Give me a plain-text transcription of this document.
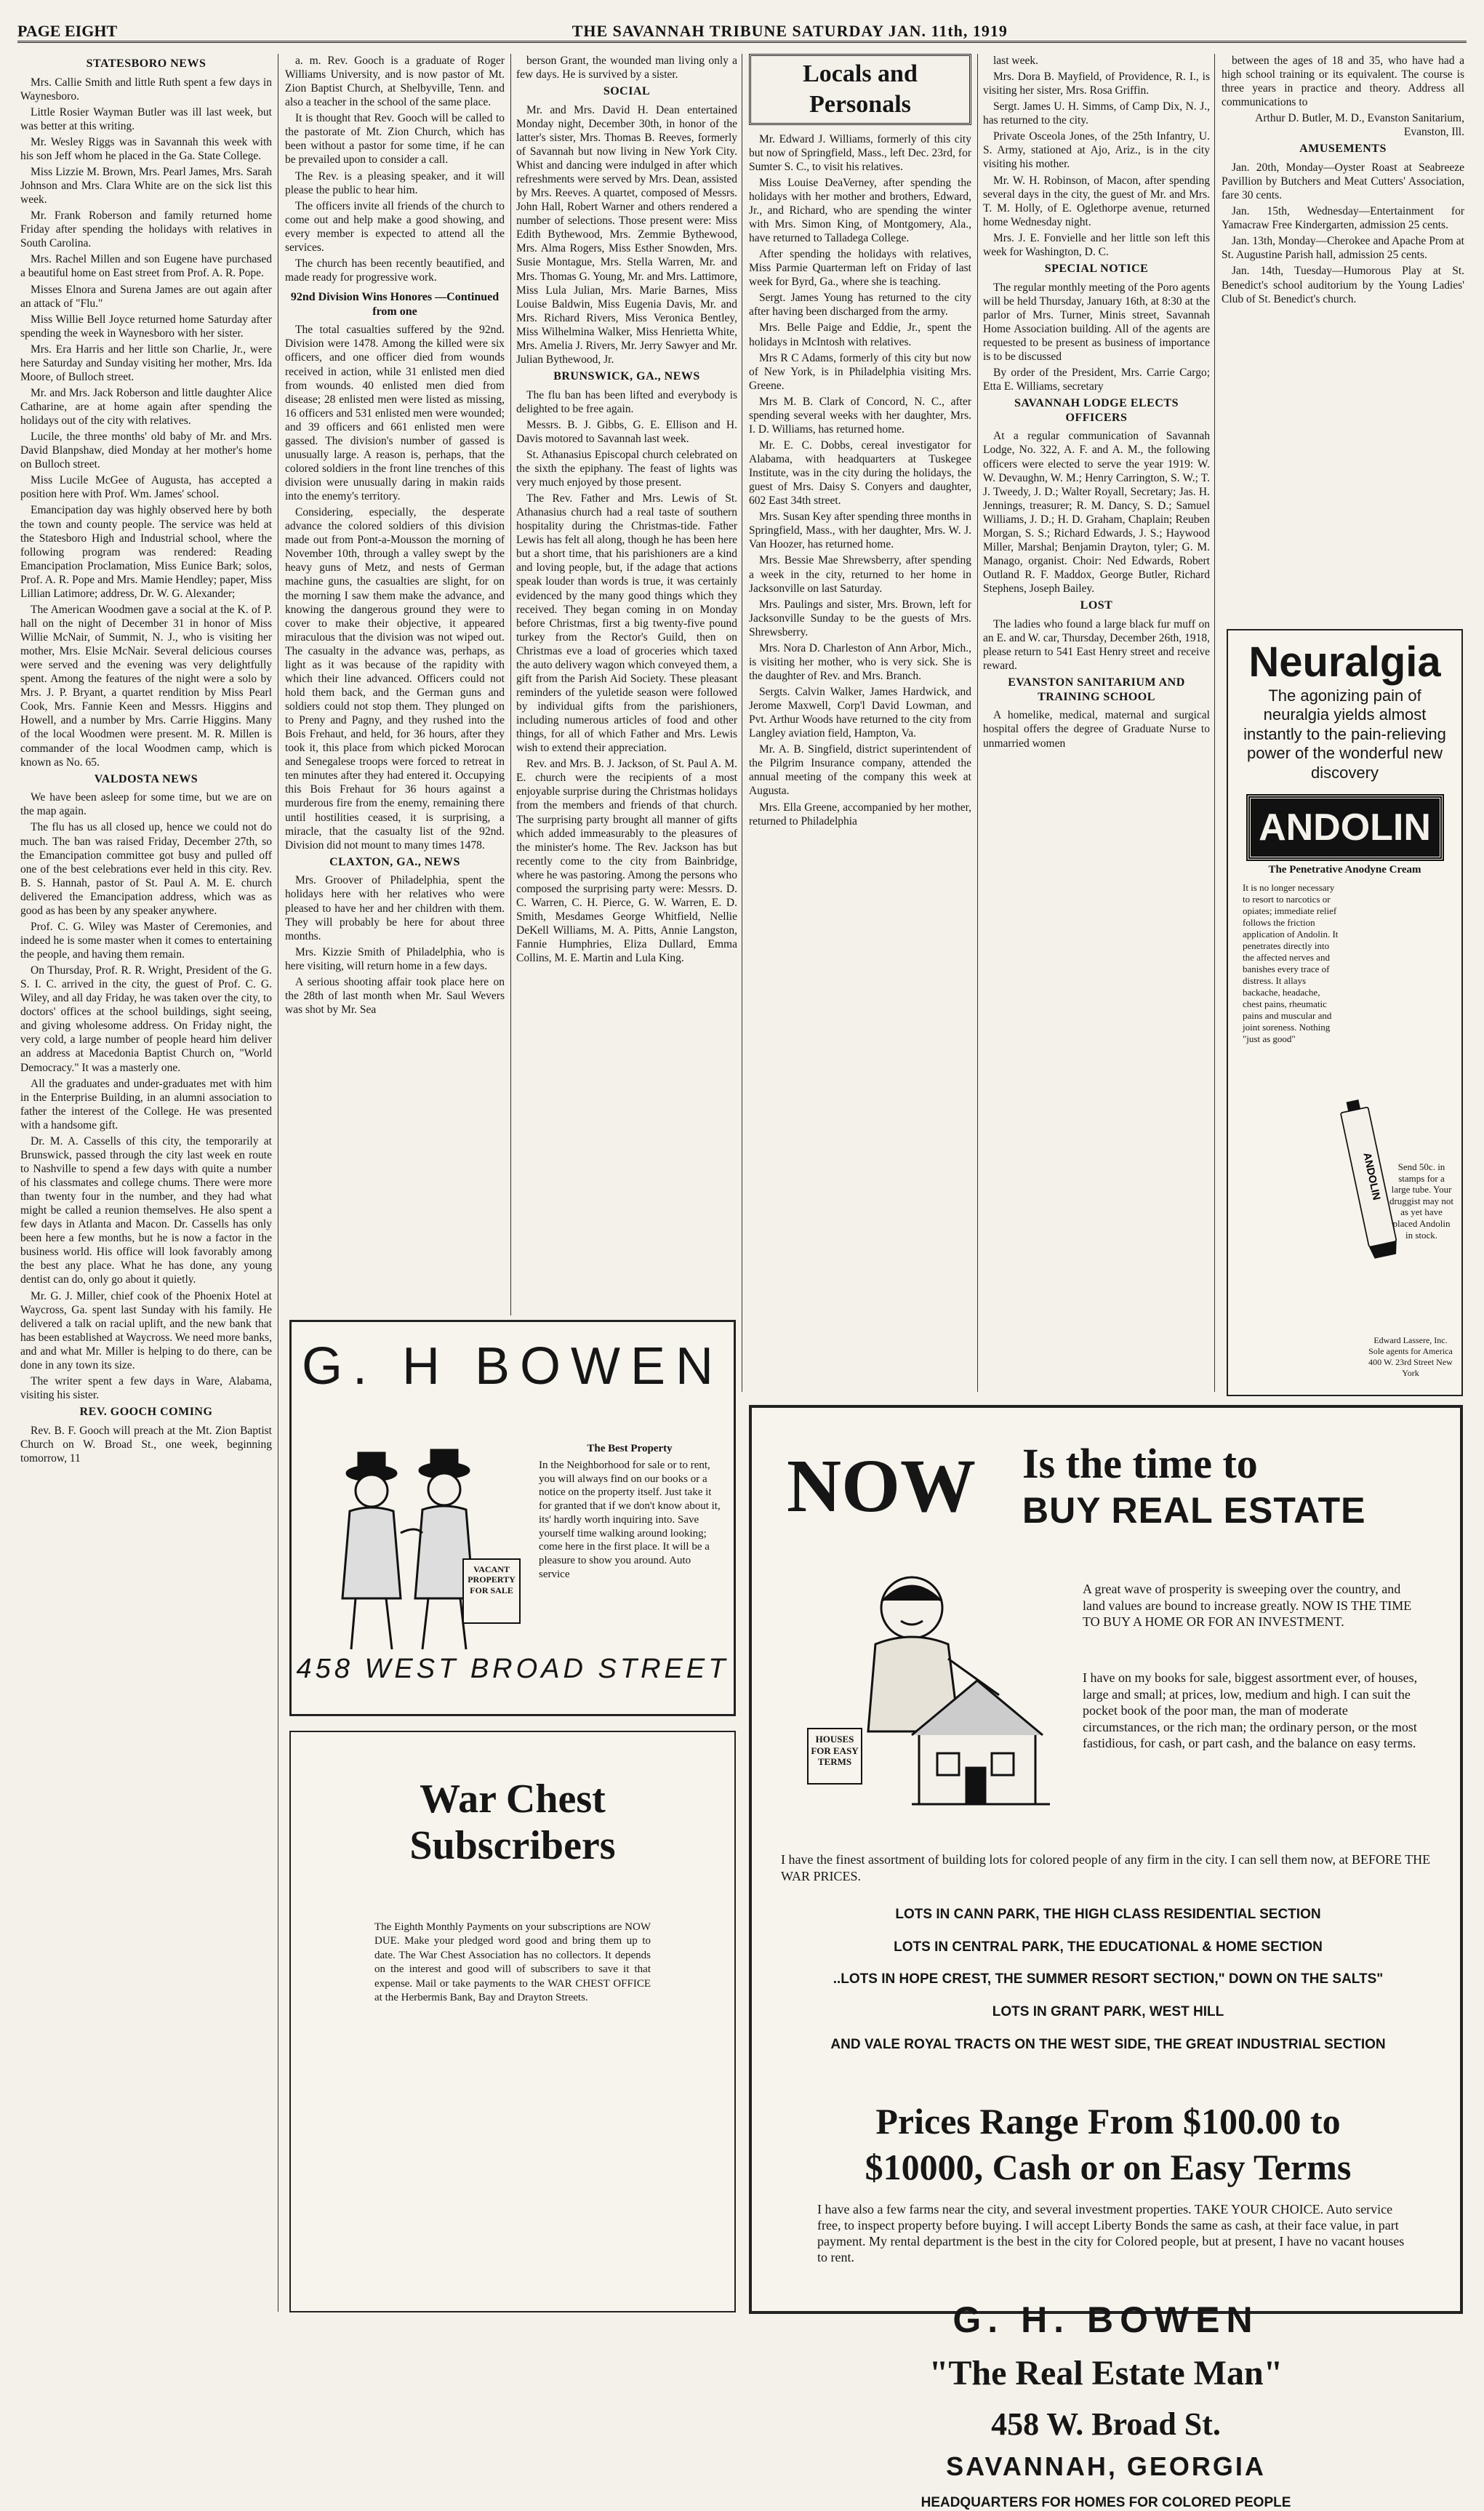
PAGE EIGHT	THE SAVANNAH TRIBUNE SATURDAY JAN. 11th, 1919

STATESBORO NEWS

Mrs. Callie Smith and little Ruth spent a few days in Waynesboro.

Little Rosier Wayman Butler was ill last week, but was better at this writing.

Mr. Wesley Riggs was in Savannah this week with his son Jeff whom he placed in the Ga. State College.

Miss Lizzie M. Brown, Mrs. Pearl James, Mrs. Sarah Johnson and Mrs. Clara White are on the sick list this week.

Mr. Frank Roberson and family returned home Friday after spending the holidays with relatives in South Carolina.

Mrs. Rachel Millen and son Eugene have purchased a beautiful home on East street from Prof. A. R. Pope.

Misses Elnora and Surena James are out again after an attack of "Flu."

Miss Willie Bell Joyce returned home Saturday after spending the week in Waynesboro with her sister.

Mrs. Era Harris and her little son Charlie, Jr., were here Saturday and Sunday visiting her mother, Mrs. Ida Moore, of Bulloch street.

Mr. and Mrs. Jack Roberson and little daughter Alice Catharine, are at home again after spending the holidays out of the city with relatives.

Lucile, the three months' old baby of Mr. and Mrs. David Blanpshaw, died Monday at her mother's home on Bulloch street.

Miss Lucile McGee of Augusta, has accepted a position here with Prof. Wm. James' school.

Emancipation day was highly observed here by both the town and county people. The service was held at the Statesboro High and Industrial school, where the following program was rendered: Reading Emancipation Proclamation, Miss Eunice Bark; solos, Prof. A. R. Pope and Mrs. Mamie Hendley; paper, Miss Lillian Latimore; address, Dr. W. G. Alexander;

The American Woodmen gave a social at the K. of P. hall on the night of December 31 in honor of Miss Willie McNair, of Summit, N. J., who is visiting her mother, Mrs. Elsie McNair. Several delicious courses were served and the evening was very delightfully spent. Among the features of the night were a solo by Mrs. J. P. Bryant, a quartet rendition by Miss Pearl Cook, Mrs. Fannie Keen and Messrs. Higgins and Howell, and a number by Mrs. Carrie Higgins. Many of the local Woodmen were present. M. R. Millen is commander of the local Woodmen camp, which is known as No. 65.

VALDOSTA NEWS

We have been asleep for some time, but we are on the map again.

The flu has us all closed up, hence we could not do much. The ban was raised Friday, December 27th, so the Emancipation committee got busy and pulled off one of the best celebrations ever held in this city. Rev. B. S. Hannah, pastor of St. Paul A. M. E. church delivered the Emancipation address, which was as good as has been by any speaker anywhere.

Prof. C. G. Wiley was Master of Ceremonies, and indeed he is some master when it comes to entertaining the people, and having them remain.

On Thursday, Prof. R. R. Wright, President of the G. S. I. C. arrived in the city, the guest of Prof. C. G. Wiley, and all day Friday, he was taken over the city, to doctors' offices at the school buildings, sight seeing, and giving wholesome address. On Friday night, the very cold, a large number of people heard him deliver an address at Macedonia Baptist Church on, "World Democracy." It was a masterly one.

All the graduates and under-graduates met with him in the Enterprise Building, in an alumni association to father the interest of the College. He was presented with a handsome gift.

Dr. M. A. Cassells of this city, the temporarily at Brunswick, passed through the city last week en route to Nashville to spend a few days with quite a number of his classmates and college chums. There were more than twenty four in the number, and they had what might be called a reunion themselves. He also spent a few days in Atlanta and Macon. Dr. Cassells has only been here a few months, but he is now a factor in the business world. His office will look favorably among the best any place. What he has done, any young dentist can do, only go about it quietly.

Mr. G. J. Miller, chief cook of the Phoenix Hotel at Waycross, Ga. spent last Sunday with his family. He delivered a talk on racial uplift, and the new bank that has been established at Waycross. We need more banks, and and what Mr. Miller is helping to do there, can be done in any town its size.

The writer spent a few days in Ware, Alabama, visiting his sister.

REV. GOOCH COMING

Rev. B. F. Gooch will preach at the Mt. Zion Baptist Church on W. Broad St., one week, beginning tomorrow, 11

a. m. Rev. Gooch is a graduate of Roger Williams University, and is now pastor of Mt. Zion Baptist Church, at Shelbyville, Tenn. and also a teacher in the school of the same place.

It is thought that Rev. Gooch will be called to the pastorate of Mt. Zion Church, which has been without a pastor for some time, if he can be prevailed upon to consider a call.

The Rev. is a pleasing speaker, and it will please the public to hear him.

The officers invite all friends of the church to come out and help make a good showing, and every member is expected to attend all the services.

The church has been recently beautified, and made ready for progressive work.

92nd Division Wins Honores —Continued from one

The total casualties suffered by the 92nd. Division were 1478. Among the killed were six officers, and one officer died from wounds received in action, while 31 enlisted men died from wounds. 40 enlisted men died from disease; 28 enlisted men were listed as missing, 16 officers and 531 enlisted men were wounded; and 39 officers and 661 enlisted men were gassed. The division's number of gassed is unusually large. A reason is, perhaps, that the colored soldiers in the front line trenches of this division were unusually daring in makin raids into the enemy's territory.

Considering, especially, the desperate advance the colored soldiers of this division made out from Pont-a-Mousson the morning of November 10th, through a valley swept by the heavy guns of Metz, and nests of German machine guns, the casualties are slight, for on the morning I saw them make the advance, and knowing the dangerous ground they were to cover to make their objective, it appeared miraculous that the division was not wiped out. The casualty in the advance was, perhaps, as light as it was because of the rapidity with which their line advanced. Officers could not hold them back, and the German guns and soldiers could not stop them. They plunged on to Preny and Pagny, and they rushed into the Bois Frehaut, and held, for 36 hours, after they took it, this place from which picked Morocan and Senegalese troops were forced to retreat in ten minutes after they had entered it. Occupying this Bois Frehaut for 36 hours against a murderous fire from the enemy, remaining there until hostilities ceased, it is surprising, a miracle, that the casualty list of the 92nd. Division did not mount to many times 1478.

CLAXTON, GA., NEWS

Mrs. Groover of Philadelphia, spent the holidays here with her relatives who were pleased to have her and her children with them. They will probably be here for about three months.

Mrs. Kizzie Smith of Philadelphia, who is here visiting, will return home in a few days.

A serious shooting affair took place here on the 28th of last month when Mr. Saul Wevers was shot by Mr. Sea

berson Grant, the wounded man living only a few days. He is survived by a sister.

SOCIAL

Mr. and Mrs. David H. Dean entertained Monday night, December 30th, in honor of the latter's sister, Mrs. Thomas B. Reeves, formerly of Savannah but now living in New York City. Whist and dancing were indulged in after which refreshments were served by Mrs. Dean, assisted by Mrs. Reeves. A quartet, composed of Messrs. John Hall, Robert Warner and others rendered a number of selections. Those present were: Miss Edith Bythewood, Mrs. Zemmie Bythewood, Mrs. Alma Rogers, Miss Esther Snowden, Mrs. Susie Montague, Mrs. Stella Warren, Mr. and Mrs. Thomas G. Young, Mr. and Mrs. Lattimore, Miss Lula Julian, Mrs. Marie Barnes, Miss Louise Baldwin, Miss Eugenia Davis, Mr. and Mrs. Richard Rivers, Miss Veronica Bentley, Miss Wilhelmina Walker, Miss Henrietta White, Mrs. Amelia J. Rivers, Mr. Jerry Sawyer and Mr. Julian Bythewood, Jr.

BRUNSWICK, GA., NEWS

The flu ban has been lifted and everybody is delighted to be free again.

Messrs. B. J. Gibbs, G. E. Ellison and H. Davis motored to Savannah last week.

St. Athanasius Episcopal church celebrated on the sixth the epiphany. The feast of lights was very much enjoyed by those present.

The Rev. Father and Mrs. Lewis of St. Athanasius church had a real taste of southern hospitality during the Christmas-tide. Father Lewis has felt all along, though he has been here but a short time, that his parishioners are a kind and loving people, but, if the adage that actions speak louder than words is true, it was certainly evidenced by the many good things which they received. They began coming in on Monday before Christmas, first a big twenty-five pound turkey from the Rector's Guild, then on Christmas eve a load of groceries which taxed the auto delivery wagon which conveyed them, a gift from the Parish Aid Society. These pleasant reminders of the yuletide season were followed by individual gifts from the parishioners, including numerous articles of food and other things, for all of which Father and Mrs. Lewis wish to extend their appreciation.

Rev. and Mrs. B. J. Jackson, of St. Paul A. M. E. church were the recipients of a most enjoyable surprise during the Christmas holidays from the members and friends of that church. The surprising party brought all manner of gifts which added immeasurably to the pleasures of the minister's home. The Rev. Jackson has but recently come to the city from Bainbridge, where he was pastoring. Among the persons who composed the surprising party were: Messrs. D. C. Warren, C. H. Pierce, G. W. Warren, E. D. Smith, Mesdames George Whitfield, Nellie DeKell Williams, M. A. Pitts, Annie Langston, Fannie Humphries, Eliza Dullard, Emma Collins, M. E. Martin and Lula King.

Locals and Personals

Mr. Edward J. Williams, formerly of this city but now of Springfield, Mass., left Dec. 23rd, for Sumter S. C., to visit his relatives.

Miss Louise DeaVerney, after spending the holidays with her mother and brothers, Edward, Jr., and Richard, who are spending the winter with Mrs. Simon King, of Montgomery, Ala., have returned to Talladega College.

After spending the holidays with relatives, Miss Parmie Quarterman left on Friday of last week for Byrd, Ga., where she is teaching.

Sergt. James Young has returned to the city after having been discharged from the army.

Mrs. Belle Paige and Eddie, Jr., spent the holidays in McIntosh with relatives.

Mrs R C Adams, formerly of this city but now of New York, is in Philadelphia visiting Mrs. Greene.

Mrs M. B. Clark of Concord, N. C., after spending several weeks with her daughter, Mrs. I. D. Williams, has returned home.

Mr. E. C. Dobbs, cereal investigator for Alabama, with headquarters at Tuskegee Institute, was in the city during the holidays, the guest of Mrs. Daisy S. Conyers and daughter, 602 East 34th street.

Mrs. Susan Key after spending three months in Springfield, Mass., with her daughter, Mrs. W. J. Van Hoozer, has returned home.

Mrs. Bessie Mae Shrewsberry, after spending a week in the city, returned to her home in Jacksonville on last Saturday.

Mrs. Paulings and sister, Mrs. Brown, left for Jacksonville Sunday to be the guests of Mrs. Shrewsberry.

Mrs. Nora D. Charleston of Ann Arbor, Mich., is visiting her mother, who is very sick. She is the daughter of Rev. and Mrs. Branch.

Sergts. Calvin Walker, James Hardwick, and Jerome Maxwell, Corp'l David Lowman, and Pvt. Arthur Woods have returned to the city from Langley aviation field, Hampton, Va.

Mr. A. B. Singfield, district superintendent of the Pilgrim Insurance company, attended the annual meeting of the company this week at Augusta.

Mrs. Ella Greene, accompanied by her mother, returned to Philadelphia

last week.

Mrs. Dora B. Mayfield, of Providence, R. I., is visiting her sister, Mrs. Rosa Griffin.

Sergt. James U. H. Simms, of Camp Dix, N. J., has returned to the city.

Private Osceola Jones, of the 25th Infantry, U. S. Army, stationed at Ajo, Ariz., is in the city visiting his mother.

Mr. W. H. Robinson, of Macon, after spending several days in the city, the guest of Mr. and Mrs. T. M. Holly, of E. Oglethorpe avenue, returned home Wednesday night.

Mrs. J. E. Fonvielle and her little son left this week for Washington, D. C.

SPECIAL NOTICE

The regular monthly meeting of the Poro agents will be held Thursday, January 16th, at 8:30 at the parlor of Mrs. Turner, Minis street, Savannah Home Association building. All of the agents are requested to be present as business of importance is to be discussed

By order of the President, Mrs. Carrie Cargo; Etta E. Williams, secretary

SAVANNAH LODGE ELECTS OFFICERS

At a regular communication of Savannah Lodge, No. 322, A. F. and A. M., the following officers were elected to serve the year 1919: W. W. Devaughn, W. M.; Henry Carrington, S. W.; T. J. Tweedy, J. D.; Walter Royall, Secretary; Jas. H. Jennings, treasurer; R. M. Dancy, S. D.; Samuel Williams, J. D.; H. D. Graham, Chaplain; Reuben Morgan, S. S.; Richard Edwards, J. S.; Haywood Miller, Marshal; Benjamin Drayton, tyler; G. M. Manago, organist. Choir: Ned Edwards, Robert Outland R. F. Maddox, George Butler, Richard Stephens, Joseph Bailey.

LOST

The ladies who found a large black fur muff on an E. and W. car, Thursday, December 26th, 1918, please return to 541 East Henry street and receive reward.

EVANSTON SANITARIUM AND TRAINING SCHOOL

A homelike, medical, maternal and surgical hospital offers the degree of Graduate Nurse to unmarried women

between the ages of 18 and 35, who have had a high school training or its equivalent. The course is three years in practice and theory. Address all communications to

Arthur D. Butler, M. D., Evanston Sanitarium, Evanston, Ill.

AMUSEMENTS

Jan. 20th, Monday—Oyster Roast at Seabreeze Pavillion by Butchers and Meat Cutters' Association, fare 30 cents.

Jan. 15th, Wednesday—Entertainment for Yamacraw Free Kindergarten, admission 25 cents.

Jan. 13th, Monday—Cherokee and Apache Prom at St. Augustine Parish hall, admission 25 cents.

Jan. 14th, Tuesday—Humorous Play at St. Benedict's school auditorium by the Young Ladies' Club of St. Benedict's church.

Neuralgia
The agonizing pain of neuralgia yields almost instantly to the pain-relieving power of the wonderful new discovery
ANDOLIN
The Penetrative Anodyne Cream
It is no longer necessary to resort to narcotics or opiates; immediate relief follows the friction application of Andolin. It penetrates directly into the affected nerves and banishes every trace of distress. It allays backache, headache, chest pains, rheumatic pains and muscular and joint soreness. Nothing "just as good"
ANDOLIN	Send 50c. in stamps for a large tube. Your druggist may not as yet have placed Andolin in stock.
Edward Lassere, Inc. Sole agents for America 400 W. 23rd Street New York
G. H BOWEN
VACANT PROPERTY FOR SALE
The Best Property
In the Neighborhood for sale or to rent, you will always find on our books or a notice on the property itself. Just take it for granted that if we don't know about it, its' hardly worth inquiring into. Save yourself time walking around looking; come here in the first place. It will be a pleasure to show you around. Auto service
458 WEST BROAD STREET
War Chest
Subscribers
The Eighth Monthly Payments on your subscriptions are NOW DUE. Make your pledged word good and bring them up to date. The War Chest Association has no collectors. It depends on the interest and good will of subscribers to save it that expense. Mail or take payments to the WAR CHEST OFFICE at the Herbermis Bank, Bay and Drayton Streets.
NOW Is the time to
BUY REAL ESTATE
HOUSES FOR EASY TERMS
A great wave of prosperity is sweeping over the country, and land values are bound to increase greatly. NOW IS THE TIME TO BUY A HOME OR FOR AN INVESTMENT.
I have on my books for sale, biggest assortment ever, of houses, large and small; at prices, low, medium and high. I can suit the pocket book of the poor man, the man of moderate circumstances, or the rich man; the ordinary person, or the most fastidious, for cash, or part cash, and the balance on easy terms.
I have the finest assortment of building lots for colored people of any firm in the city. I can sell them now, at BEFORE THE WAR PRICES.
LOTS IN CANN PARK, THE HIGH CLASS RESIDENTIAL SECTION
LOTS IN CENTRAL PARK, THE EDUCATIONAL & HOME SECTION
..LOTS IN HOPE CREST, THE SUMMER RESORT SECTION," DOWN ON THE SALTS"
LOTS IN GRANT PARK, WEST HILL
AND VALE ROYAL TRACTS ON THE WEST SIDE, THE GREAT INDUSTRIAL SECTION
Prices Range From $100.00 to
$10000, Cash or on Easy Terms
I have also a few farms near the city, and several investment properties. TAKE YOUR CHOICE. Auto service free, to inspect property before buying. I will accept Liberty Bonds the same as cash, at their face value, in part payment. My rental department is the best in the city for Colored people, but at present, I have no vacant houses to rent.
G. H. BOWEN
"The Real Estate Man"
458 W. Broad St.
SAVANNAH, GEORGIA
HEADQUARTERS FOR HOMES FOR COLORED PEOPLE
